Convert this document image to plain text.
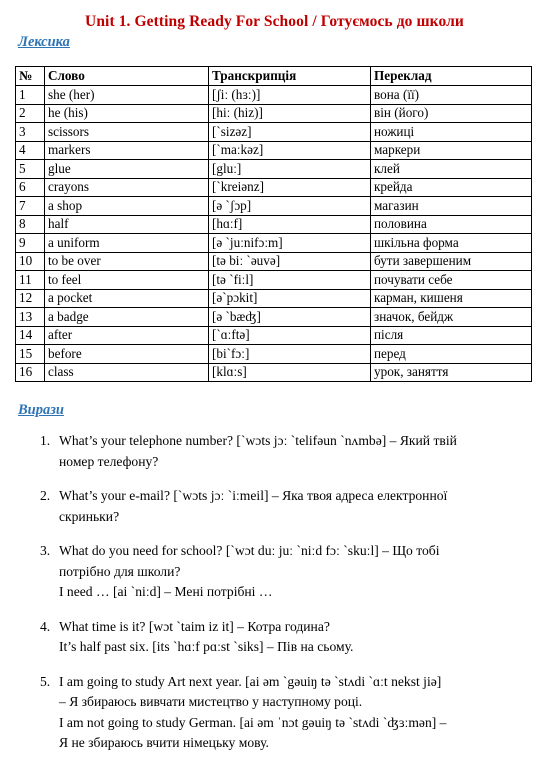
Unit 1. Getting Ready For School / Готуємось до школи
Лексика
№	Слово	Транскрипція	Переклад
1	she (her)	[ʃiː (hɜː)]	вона (її)
2	he (his)	[hiː (hiz)]	він (його)
3	scissors	[ˋsizəz]	ножиці
4	markers	[ˋmaːkəz]	маркери
5	glue	[gluː]	клей
6	crayons	[ˋkreiənz]	крейда
7	a shop	[ə ˋʃɔp]	магазин
8	half	[hɑːf]	половина
9	a uniform	[ə ˋjuːnifɔːm]	шкільна форма
10	to be over	[tə biː ˋəuvə]	бути завершеним
11	to feel	[tə ˋfiːl]	почувати себе
12	a pocket	[əˋpɔkit]	карман, кишеня
13	a badge	[ə ˋbæʤ]	значок, бейдж
14	after	[ˋɑːftə]	після
15	before	[biˋfɔː]	перед
16	class	[klɑːs]	урок, заняття
Вирази
1. What’s your telephone number? [ˋwɔts jɔː ˋtelifəun ˋnʌmbə] – Який твій
номер телефону?
2. What’s your e-mail? [ˋwɔts jɔː ˋiːmeil] – Яка твоя адреса електронної
скриньки?
3. What do you need for school? [ˋwɔt duː juː ˋniːd fɔː ˋskuːl] – Що тобі
потрібно для школи?
I need … [ai ˋniːd] – Мені потрібні …
4. What time is it? [wɔt ˋtaim iz it] – Котра година?
It’s half past six. [its ˋhɑːf pɑːst ˋsiks] – Пів на сьому.
5. I am going to study Art next year. [ai əm ˋgəuiŋ tə ˋstʌdi ˋɑːt nekst jiə]
– Я збираюсь вивчати мистецтво у наступному році.
I am not going to study German. [ai əm ˈnɔt gəuiŋ tə ˋstʌdi ˋʤɜːmən] –
Я не збираюсь вчити німецьку мову.
